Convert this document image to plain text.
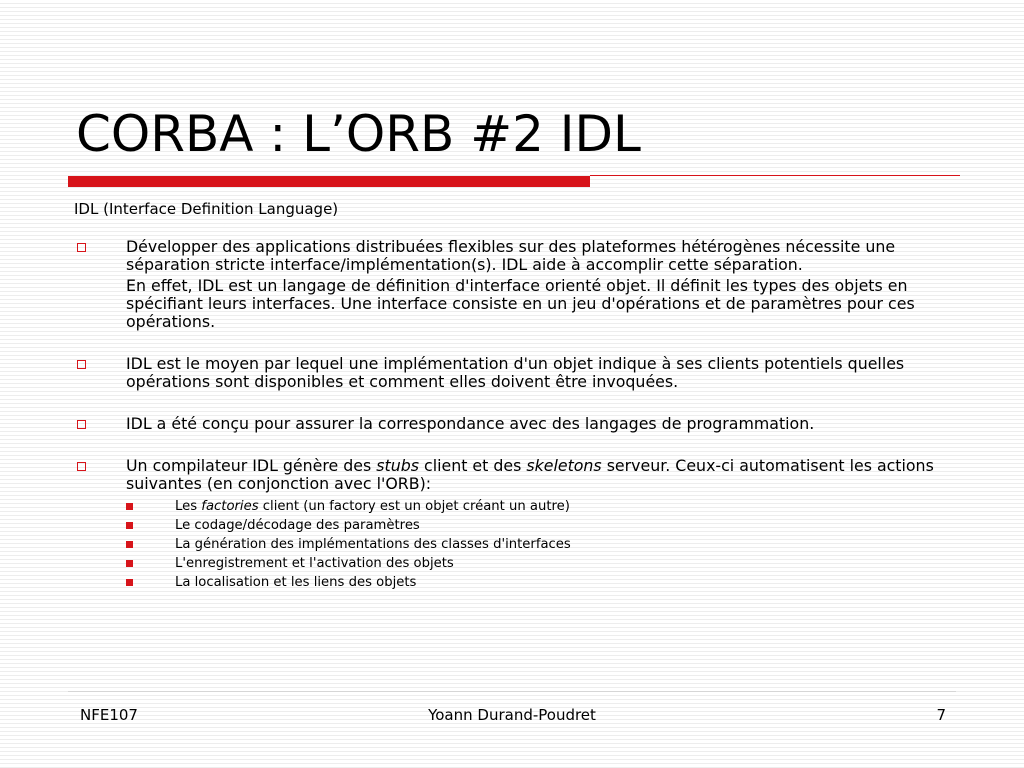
CORBA : L’ORB #2 IDL

IDL (Interface Definition Language)

Développer des applications distribuées flexibles sur des plateformes hétérogènes nécessite une séparation stricte interface/implémentation(s). IDL aide à accomplir cette séparation.

En effet, IDL est un langage de définition d'interface orienté objet. Il définit les types des objets en spécifiant leurs interfaces. Une interface consiste en un jeu d'opérations et de paramètres pour ces opérations.

IDL est le moyen par lequel une implémentation d'un objet indique à ses clients potentiels quelles opérations sont disponibles et comment elles doivent être invoquées.

IDL a été conçu pour assurer la correspondance avec des langages de programmation.

Un compilateur IDL génère des stubs client et des skeletons serveur. Ceux-ci automatisent les actions suivantes (en conjonction avec l'ORB):

Les factories client (un factory est un objet créant un autre)
Le codage/décodage des paramètres
La génération des implémentations des classes d'interfaces
L'enregistrement et l'activation des objets
La localisation et les liens des objets
NFE107	Yoann Durand-Poudret	7
